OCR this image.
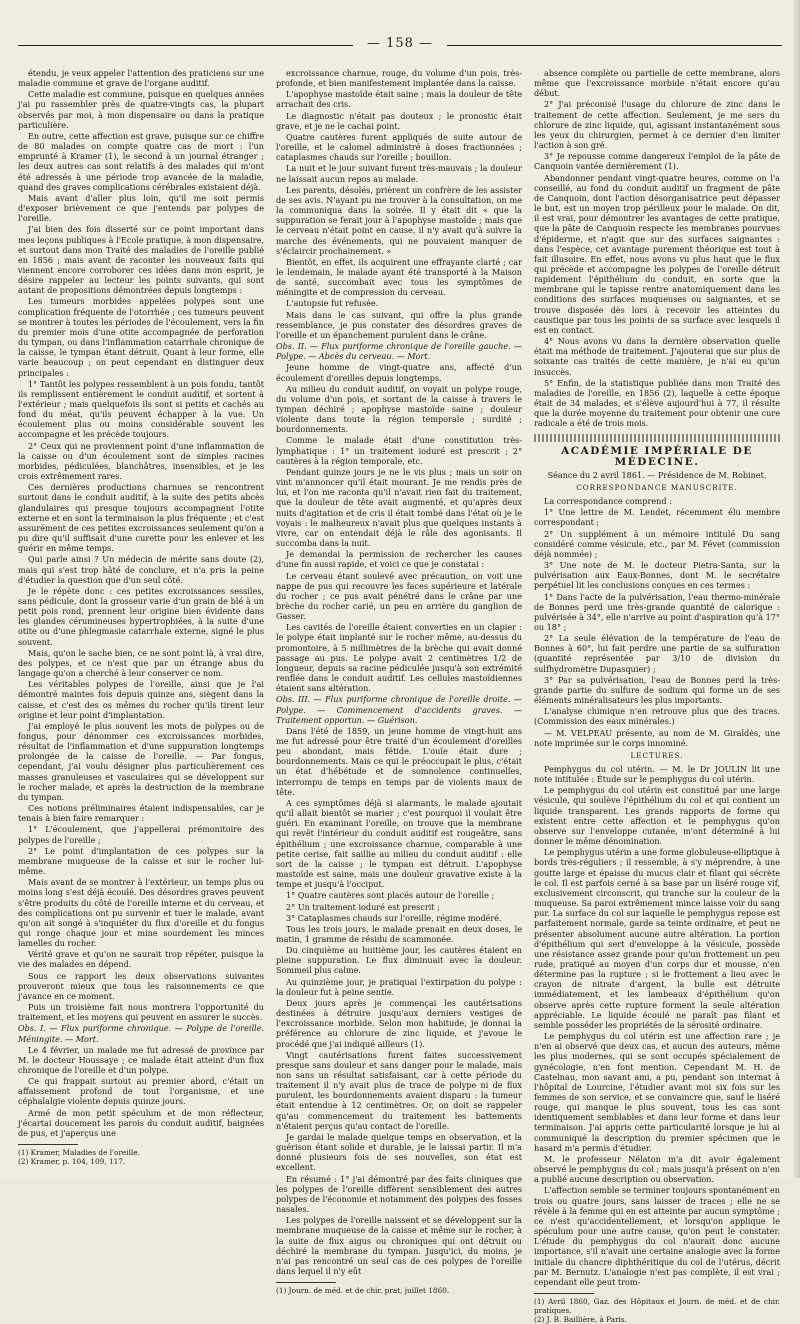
— 158 —

étendu, je veux appeler l'attention des praticiens sur une maladie commune et grave de l'organe auditif.

Cette maladie est commune, puisque en quelques années j'ai pu rassembler près de quatre-vingts cas, la plupart observés par moi, à mon dispensaire ou dans la pratique particulière.

En outre, cette affection est grave, puisque sur ce chiffre de 80 malades on compte quatre cas de mort : l'un emprunté à Kramer (1), le second à un journal étranger ; les deux autres cas sont relatifs à des malades qui m'ont été adressés à une période trop avancée de la maladie, quand des graves complications cérébrales existaient déjà.

Mais avant d'aller plus loin, qu'il me soit permis d'exposer brièvement ce que j'entends par polypes de l'oreille.

J'ai bien des fois disserté sur ce point important dans mes leçons publiques à l'Ecole pratique, à mon dispensaire, et surtout dans mon Traité des maladies de l'oreille publié en 1856 ; mais avant de raconter les nouveaux faits qui viennent encore corroborer ces idées dans mon esprit, je désire rappeler au lecteur les points suivants, qui sont autant de propositions démontrées depuis longtemps :

Les tumeurs morbides appelées polypes sont une complication fréquente de l'otorrhée ; ces tumeurs peuvent se montrer à toutes les périodes de l'écoulement, vers la fin du premier mois d'une otite accompagnée de perforation du tympan, ou dans l'inflammation catarrhale chronique de la caisse, le tympan étant détruit. Quant à leur forme, elle varie beaucoup ; on peut cependant en distinguer deux principales :

1° Tantôt les polypes ressemblent à un pois fondu, tantôt ils remplissent entièrement le conduit auditif, et sortent à l'extérieur ; mais quelquefois ils sont si petits et cachés au fond du méat, qu'ils peuvent échapper à la vue. Un écoulement plus ou moins considérable souvent les accompagne et les précède toujours.

2° Ceux qui ne proviennent point d'une inflammation de la caisse ou d'un écoulement sont de simples racines morbides, pédiculées, blanchâtres, insensibles, et je les crois extrêmement rares.

Ces dernières productions charnues se rencontrent surtout dans le conduit auditif, à la suite des petits abcès glandulaires qui presque toujours accompagnent l'otite externe et en sont la terminaison la plus fréquente ; et c'est assurément de ces petites excroissances seulement qu'on a pu dire qu'il suffisait d'une curette pour les enlever et les guérir en même temps.

Qui parle ainsi ? Un médecin de mérite sans doute (2), mais qui s'est trop hâté de conclure, et n'a pris la peine d'étudier la question que d'un seul côté.

Je le répète donc : ces petites excroissances sessiles, sans pédicule, dont la grosseur varie d'un grain de blé à un petit pois rond, prennent leur origine bien évidente dans les glandes cérumineuses hypertrophiées, à la suite d'une otite ou d'une phlegmasie catarrhale externe, signé le plus souvent.

Mais, qu'on le sache bien, ce ne sont point là, à vrai dire, des polypes, et ce n'est que par un étrange abus du langage qu'on a cherché à leur conserver ce nom.

Les véritables polypes de l'oreille, ainsi que je l'ai démontré maintes fois depuis quinze ans, siègent dans la caisse, et c'est des os mêmes du rocher qu'ils tirent leur origine et leur point d'implantation.

J'ai employé le plus souvent les mots de polypes ou de fongus, pour dénommer ces excroissances morbides, résultat de l'inflammation et d'une suppuration longtemps prolongée de la caisse de l'oreille. — Par fongus, cependant, j'ai voulu désigner plus particulièrement ces masses granuleuses et vasculaires qui se développent sur le rocher malade, et après la destruction de la membrane du tympan.

Ces notions préliminaires étaient indispensables, car je tenais à bien faire remarquer :

1° L'écoulement, que j'appellerai prémonitoire des polypes de l'oreille ;

2° Le point d'implantation de ces polypes sur la membrane muqueuse de la caisse et sur le rocher lui-même.

Mais avant de se montrer à l'extérieur, un temps plus ou moins long s'est déjà écoulé. Des désordres graves peuvent s'être produits du côté de l'oreille interne et du cerveau, et des complications ont pu survenir et tuer le malade, avant qu'on ait songé à s'inquiéter du flux d'oreille et du fongus qui ronge chaque jour et mine sourdement les minces lamelles du rocher.

Vérité grave et qu'on ne saurait trop répéter, puisque la vie des malades en dépend.

Sous ce rapport les deux observations suivantes prouveront mieux que tous les raisonnements ce que j'avance en ce moment.

Puis un troisième fait nous montrera l'opportunité du traitement, et les moyens qui peuvent en assurer le succès.

Obs. I. — Flux puriforme chronique. — Polype de l'oreille. Méningite. — Mort.

Le 4 février, un malade me fut adressé de province par M. le docteur Houssaye ; ce malade était atteint d'un flux chronique de l'oreille et d'un polype.

Ce qui frappait surtout au premier abord, c'était un affaissement profond de tout l'organisme, et une céphalalgie violente depuis quinze jours.

Armé de mon petit spéculum et de mon réflecteur, j'écartai doucement les parois du conduit auditif, baignées de pus, et j'aperçus une

(1) Kramer, Maladies de l'oreille.

(2) Kramer, p. 104, 109, 117.

excroissance charnue, rouge, du volume d'un pois, très-profonde, et bien manifestement implantée dans la caisse.

L'apophyse mastoïde était saine ; mais la douleur de tête arrachait des cris.

Le diagnostic n'était pas douteux ; le pronostic était grave, et je ne le cachai point.

Quatre cautères furent appliqués de suite autour de l'oreille, et le calomel administré à doses fractionnées ; cataplasmes chauds sur l'oreille ; bouillon.

La nuit et le jour suivant furent très-mauvais ; la douleur ne laissait aucun repos au malade.

Les parents, désolés, prièrent un confrère de les assister de ses avis. N'ayant pu me trouver à la consultation, on me la communiqua dans la soirée. Il y était dit « que la suppuration se ferait jour à l'apophyse mastoïde ; mais que le cerveau n'était point en cause, il n'y avait qu'à suivre la marche des événements, qui ne pouvaient manquer de s'éclaircir prochainement. »

Bientôt, en effet, ils acquirent une effrayante clarté ; car le lendemain, le malade ayant été transporté à la Maison de santé, succombait avec tous les symptômes de méningite et de compression du cerveau.

L'autopsie fut refusée.

Mais dans le cas suivant, qui offre la plus grande ressemblance, je pus constater des désordres graves de l'oreille et un épanchement purulent dans le crâne.

Obs. II. — Flux puriforme chronique de l'oreille gauche. — Polype. — Abcès du cerveau. — Mort.

Jeune homme de vingt-quatre ans, affecté d'un écoulement d'oreilles depuis longtemps.

Au milieu du conduit auditif, on voyait un polype rouge, du volume d'un pois, et sortant de la caisse à travers le tympan déchiré ; apophyse mastoïde saine ; douleur violente dans toute la région temporale ; surdité ; bourdonnements.

Comme le malade était d'une constitution très-lymphatique : 1° un traitement ioduré est prescrit ; 2° cautères à la région temporale, etc.

Pendant quinze jours je ne le vis plus ; mais un soir on vint m'annoncer qu'il était mourant. Je me rendis près de lui, et l'on me raconta qu'il n'avait rien fait du traitement, que la douleur de tête avait augmenté, et qu'après deux nuits d'agitation et de cris il était tombé dans l'état où je le voyais : le malheureux n'avait plus que quelques instants à vivre, car on entendait déjà le râle des agonisants. Il succomba dans la nuit.

Je demandai la permission de rechercher les causes d'une fin aussi rapide, et voici ce que je constatai :

Le cerveau étant soulevé avec précaution, on voit une nappe de pus qui recouvre les faces supérieure et latérale du rocher ; ce pus avait pénétré dans le crâne par une brèche du rocher carié, un peu en arrière du ganglion de Gasser.

Les cavités de l'oreille étaient converties en un clapier : le polype était implanté sur le rocher même, au-dessus du promontoire, à 5 millimètres de la brèche qui avait donné passage au pus. Le polype avait 2 centimètres 1/2 de longueur, depuis sa racine pédiculée jusqu'à son extrémité renflée dans le conduit auditif. Les cellules mastoïdiennes étaient sans altération.

Obs. III. — Flux puriforme chronique de l'oreille droite. — Polype. — Commencement d'accidents graves. — Traitement opportun. — Guérison.

Dans l'été de 1859, un jeune homme de vingt-huit ans me fut adressé pour être traité d'un écoulement d'oreilles peu abondant, mais fétide. L'ouïe était dure ; bourdonnements. Mais ce qui le préoccupait le plus, c'était un état d'hébétude et de somnolence continuelles, interrompu de temps en temps par de violents maux de tête.

A ces symptômes déjà si alarmants, le malade ajoutait qu'il allait bientôt se marier ; c'est pourquoi il voulait être guéri. En examinant l'oreille, on trouve que la membrane qui revêt l'intérieur du conduit auditif est rougeâtre, sans épithélium ; une excroissance charnue, comparable à une petite cerise, fait saillie au milieu du conduit auditif : elle sort de la caisse ; le tympan est détruit. L'apophyse mastoïde est saine, mais une douleur gravative existe à la tempe et jusqu'à l'occiput.

1° Quatre cautères sont placés autour de l'oreille ;

2° Un traitement ioduré est prescrit ;

3° Cataplasmes chauds sur l'oreille, régime modéré.

Tous les trois jours, le malade prenait en deux doses, le matin, 1 gramme de résidu de scammonée.

Du cinquième au huitième jour, les cautères étaient en pleine suppuration. Le flux diminuait avec la douleur. Sommeil plus calme.

Au quinzième jour, je pratiquai l'extirpation du polype : la douleur fut à peine sentie.

Deux jours après je commençai les cautérisations destinées à détruire jusqu'aux derniers vestiges de l'excroissance morbide. Selon mon habitude, je donnai la préférence au chlorure de zinc liquide, et j'avoue le procédé que j'ai indiqué ailleurs (1).

Vingt cautérisations furent faites successivement presque sans douleur et sans danger pour le malade, mais non sans un résultat satisfaisant, car à cette période du traitement il n'y avait plus de trace de polype ni de flux purulent, les bourdonnements avaient disparu : la tumeur était entendue à 12 centimètres. Or, on doit se rappeler qu'au commencement du traitement les battements n'étaient perçus qu'au contact de l'oreille.

Je gardai le malade quelque temps en observation, et la guérison étant solide et durable, je le laissai partir. Il m'a donné plusieurs fois de ses nouvelles, son état est excellent.

En résumé : 1° j'ai démontré par des faits cliniques que les polypes de l'oreille diffèrent sensiblement des autres polypes de l'économie et notamment des polypes des fosses nasales.

Les polypes de l'oreille naissent et se développent sur la membrane muqueuse de la caisse et même sur le rocher, à la suite de flux aigus ou chroniques qui ont détruit ou déchiré la membrane du tympan. Jusqu'ici, du moins, je n'ai pas rencontré un seul cas de ces polypes de l'oreille dans lequel il n'y eût

(1) Journ. de méd. et de chir. prat, juillet 1860.

absence complète ou partielle de cette membrane, alors même que l'excroissance morbide n'était encore qu'au début.

2° J'ai préconisé l'usage du chlorure de zinc dans le traitement de cette affection. Seulement, je me sers du chlorure de zinc liquide, qui, agissant instantanément sous les yeux du chirurgien, permet à ce dernier d'en limiter l'action à son gré.

3° Je repousse comme dangereux l'emploi de la pâte de Canquoin vantée dernièrement (1).

Abandonner pendant vingt-quatre heures, comme on l'a conseillé, au fond du conduit auditif un fragment de pâte de Canquoin, dont l'action désorganisatrice peut dépasser le but, est un moyen trop périlleux pour le malade. On dit, il est vrai, pour démontrer les avantages de cette pratique, que la pâte de Canquoin respecte les membranes pourvues d'épiderme, et n'agit que sur des surfaces saignantes : dans l'espèce, cet avantage purement théorique est tout à fait illusoire. En effet, nous avons vu plus haut que le flux qui précède et accompagne les polypes de l'oreille détruit rapidement l'épithélium du conduit, en sorte que la membrane qui le tapisse rentre anatomiquement dans les conditions des surfaces muqueuses ou saignantes, et se trouve disposée dès lors à recevoir les atteintes du caustique par tous les points de sa surface avec lesquels il est en contact.

4° Nous avons vu dans la dernière observation quelle était ma méthode de traitement. J'ajouterai que sur plus de soixante cas traités de cette manière, je n'ai eu qu'un insuccès.

5° Enfin, de la statistique publiée dans mon Traité des maladies de l'oreille, en 1856 (2), laquelle à cette époque était de 34 malades, et s'élève aujourd'hui à 77, il résulte que la durée moyenne du traitement pour obtenir une cure radicale a été de trois mois.

ACADÉMIE IMPÉRIALE DE MÉDECINE.

Séance du 2 avril 1861. — Présidence de M. Robinet.

CORRESPONDANCE MANUSCRITE.

La correspondance comprend :

1° Une lettre de M. Lendet, récemment élu membre correspondant ;

2° Un supplément à un mémoire intitulé Du sang considéré comme vésicule, etc., par M. Févet (commission déjà nommée) ;

3° Une note de M. le docteur Pietra-Santa, sur la pulvérisation aux Eaux-Bonnes, dont M. le secrétaire perpétuel lit les conclusions conçues en ces termes :

1° Dans l'acte de la pulvérisation, l'eau thermo-minérale de Bonnes perd une très-grande quantité de calorique : pulvérisée à 34°, elle n'arrive au point d'aspiration qu'à 17° ou 18° ;

2° La seule élévation de la température de l'eau de Bonnes à 60°, lui fait perdre une partie de sa sulfuration (quantité représentée par 3/10 de division du sulfhydromètre Dupasquier) ;

3° Par sa pulvérisation, l'eau de Bonnes perd la très-grande partie du sulfure de sodium qui forme un de ses éléments minéralisateurs les plus importants.

L'analyse chimique n'en retrouve plus que des traces. (Commission des eaux minérales.)

— M. VELPEAU présente, au nom de M. Giraldès, une note imprimée sur le corps innominé.

LECTURES.

Pemphygus du col utérin. — M. le Dr JOULIN lit une note intitulée : Étude sur le pemphygus du col utérin.

Le pemphygus du col utérin est constitué par une large vésicule, qui soulève l'épithélium du col et qui contient un liquide transparent. Les grands rapports de forme qui existent entre cette affection et le pemphygus qu'on observe sur l'enveloppe cutanée, m'ont déterminé à lui donner le même dénomination.

Le pemphygus utérin a une forme globuleuse-elliptique à bords très-réguliers ; il ressemble, à s'y méprendre, à une goutte large et épaisse du mucus clair et filant qui sécrète le col. Il est parfois cerné à sa base par un liséré rouge vif, exclusivement circonscrit, qui tranche sur la couleur de la muqueuse. Sa paroi extrêmement mince laisse voir du sang pur. La surface du col sur laquelle le pemphygus repose est parfaitement normale, garde sa teinte ordinaire, et peut ne présenter absolument aucune autre altération. La portion d'épithélium qui sert d'enveloppe à la vésicule, possède une résistance assez grande pour qu'un frottement un peu rude, pratiqué au moyen d'un corps dur et mousse, n'en détermine pas la rupture ; si le frottement a lieu avec le crayon de nitrate d'argent, la bulle est détruite immédiatement, et les lambeaux d'épithélium qu'on observe après cette rupture forment la seule altération appréciable. Le liquide écoulé ne paraît pas filant et semble posséder les propriétés de la sérosité ordinaire.

Le pemphygus du col utérin est une affection rare ; je n'en ai observé que deux cas, et aucun des auteurs, même les plus modernes, qui se sont occupés spécialement de gynécologie, n'en font mention. Cependant M. H. de Castelnau, mon savant ami, a pu, pendant son internat à l'hôpital de Lourcine, l'étudier avant moi six fois sur les femmes de son service, et se convaincre que, sauf le liséré rouge, qui manque le plus souvent, tous les cas sont identiquement semblables et dans leur forme et dans leur terminaison. J'ai appris cette particularité lorsque je lui ai communiqué la description du premier spécimen que le hasard m'a permis d'étudier.

M. le professeur Nélaton m'a dit avoir également observé le pemphygus du col ; mais jusqu'à présent on n'en a publié aucune description ou observation.

L'affection semble se terminer toujours spontanément en trois ou quatre jours, sans laisser de traces ; elle ne se révèle à la femme qui en est atteinte par aucun symptôme ; ce n'est qu'accidentellement, et lorsqu'on applique le spéculum pour une autre cause, qu'on peut le constater. L'étude du pemphygus du col n'aurait donc aucune importance, s'il n'avait une certaine analogie avec la forme initiale du chancre diphthéritique du col de l'utérus, décrit par M. Bernutz. L'analogie n'est pas complète, il est vrai ; cependant elle peut trom-

(1) Avril 1860, Gaz. des Hôpitaux et Journ. de méd. et de chir. pratiques.

(2) J. B. Baillière, à Paris.
